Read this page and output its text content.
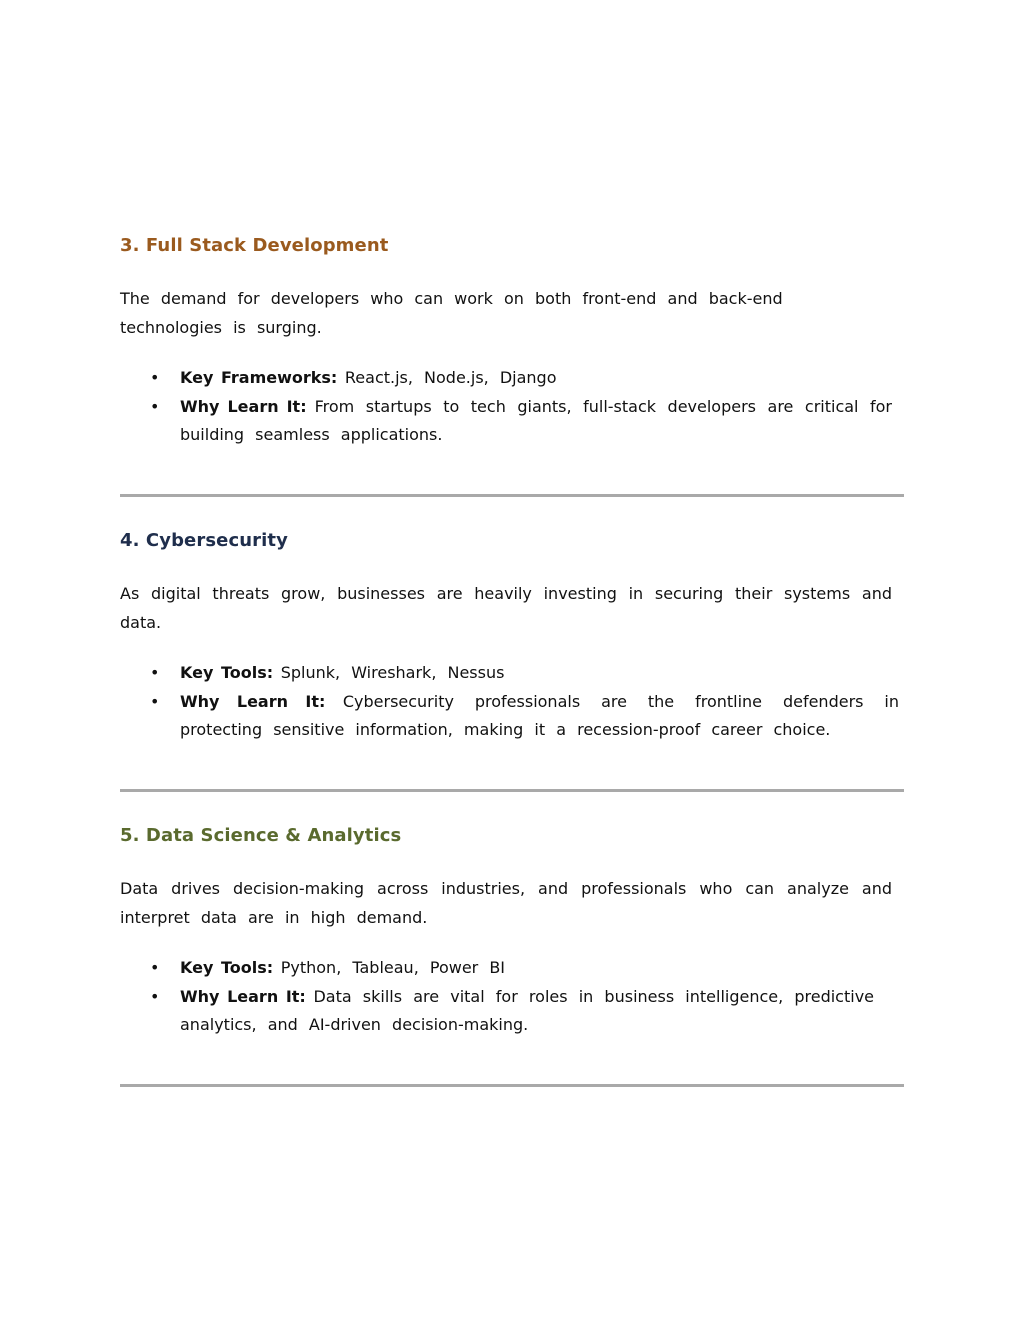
3. Full Stack Development

The demand for developers who can work on both front-end and back-end technologies is surging.

• Key Frameworks: React.js, Node.js, Django
• Why Learn It: From startups to tech giants, full-stack developers are critical for building seamless applications.
4. Cybersecurity

As digital threats grow, businesses are heavily investing in securing their systems and data.

• Key Tools: Splunk, Wireshark, Nessus
• Why Learn It: Cybersecurity professionals are the frontline defenders in protecting sensitive information, making it a recession-proof career choice.
5. Data Science & Analytics

Data drives decision-making across industries, and professionals who can analyze and interpret data are in high demand.

• Key Tools: Python, Tableau, Power BI
• Why Learn It: Data skills are vital for roles in business intelligence, predictive analytics, and AI-driven decision-making.
